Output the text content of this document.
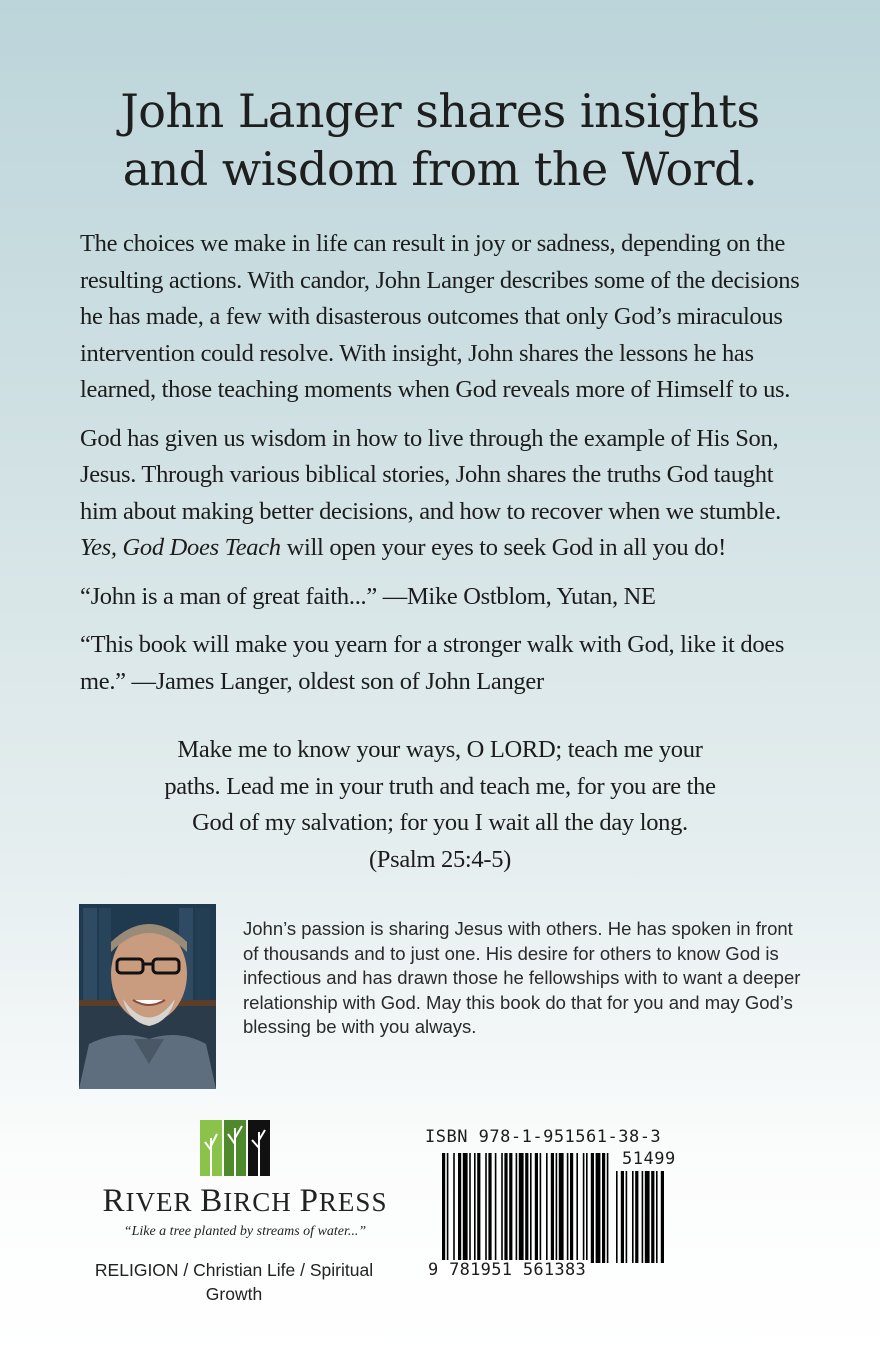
John Langer shares insights
and wisdom from the Word.

The choices we make in life can result in joy or sadness, depending on the resulting actions. With candor, John Langer describes some of the decisions he has made, a few with disasterous outcomes that only God’s miraculous intervention could resolve. With insight, John shares the lessons he has learned, those teaching moments when God reveals more of Himself to us.

God has given us wisdom in how to live through the example of His Son, Jesus. Through various biblical stories, John shares the truths God taught him about making better decisions, and how to recover when we stumble.
Yes, God Does Teach will open your eyes to seek God in all you do!

“John is a man of great faith...” —Mike Ostblom, Yutan, NE

“This book will make you yearn for a stronger walk with God, like it does me.” —James Langer, oldest son of John Langer

Make me to know your ways, O LORD; teach me your
paths. Lead me in your truth and teach me, for you are the
God of my salvation; for you I wait all the day long.
(Psalm 25:4-5)
John’s passion is sharing Jesus with others. He has spoken in front of thousands and to just one. His desire for others to know God is infectious and has drawn those he fellowships with to want a deeper relationship with God. May this book do that for you and may God’s blessing be with you always.
RIVER BIRCH PRESS
“Like a tree planted by streams of water...”
RELIGION / Christian Life / Spiritual
Growth
ISBN 978-1-951561-38-3
51499
9 781951 561383
